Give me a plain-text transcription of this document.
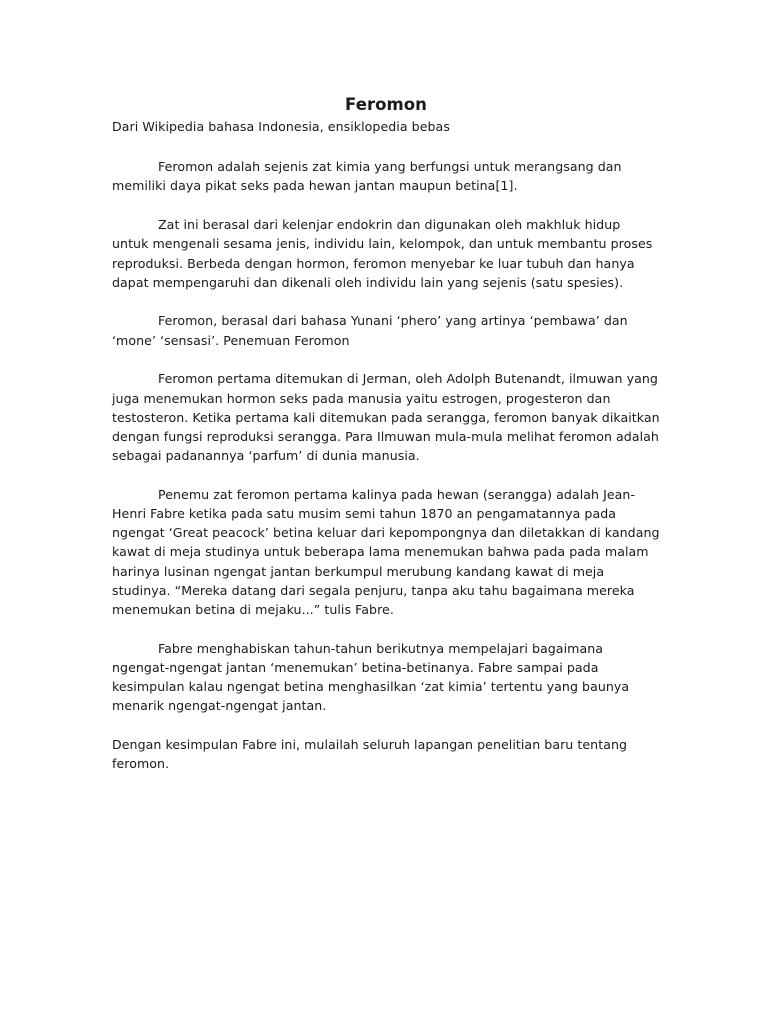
Feromon
Dari Wikipedia bahasa Indonesia, ensiklopedia bebas

Feromon adalah sejenis zat kimia yang berfungsi untuk merangsang dan memiliki daya pikat seks pada hewan jantan maupun betina[1].

Zat ini berasal dari kelenjar endokrin dan digunakan oleh makhluk hidup untuk mengenali sesama jenis, individu lain, kelompok, dan untuk membantu proses reproduksi. Berbeda dengan hormon, feromon menyebar ke luar tubuh dan hanya dapat mempengaruhi dan dikenali oleh individu lain yang sejenis (satu spesies).

Feromon, berasal dari bahasa Yunani ‘phero’ yang artinya ‘pembawa’ dan ‘mone’ ‘sensasi’. Penemuan Feromon

Feromon pertama ditemukan di Jerman, oleh Adolph Butenandt, ilmuwan yang juga menemukan hormon seks pada manusia yaitu estrogen, progesteron dan testosteron. Ketika pertama kali ditemukan pada serangga, feromon banyak dikaitkan dengan fungsi reproduksi serangga. Para Ilmuwan mula-mula melihat feromon adalah sebagai padanannya ‘parfum’ di dunia manusia.

Penemu zat feromon pertama kalinya pada hewan (serangga) adalah Jean-Henri Fabre ketika pada satu musim semi tahun 1870 an pengamatannya pada ngengat ‘Great peacock’ betina keluar dari kepompongnya dan diletakkan di kandang kawat di meja studinya untuk beberapa lama menemukan bahwa pada pada malam harinya lusinan ngengat jantan berkumpul merubung kandang kawat di meja studinya. “Mereka datang dari segala penjuru, tanpa aku tahu bagaimana mereka menemukan betina di mejaku...” tulis Fabre.

Fabre menghabiskan tahun-tahun berikutnya mempelajari bagaimana ngengat-ngengat jantan ‘menemukan’ betina-betinanya. Fabre sampai pada kesimpulan kalau ngengat betina menghasilkan ‘zat kimia’ tertentu yang baunya menarik ngengat-ngengat jantan.

Dengan kesimpulan Fabre ini, mulailah seluruh lapangan penelitian baru tentang feromon.
